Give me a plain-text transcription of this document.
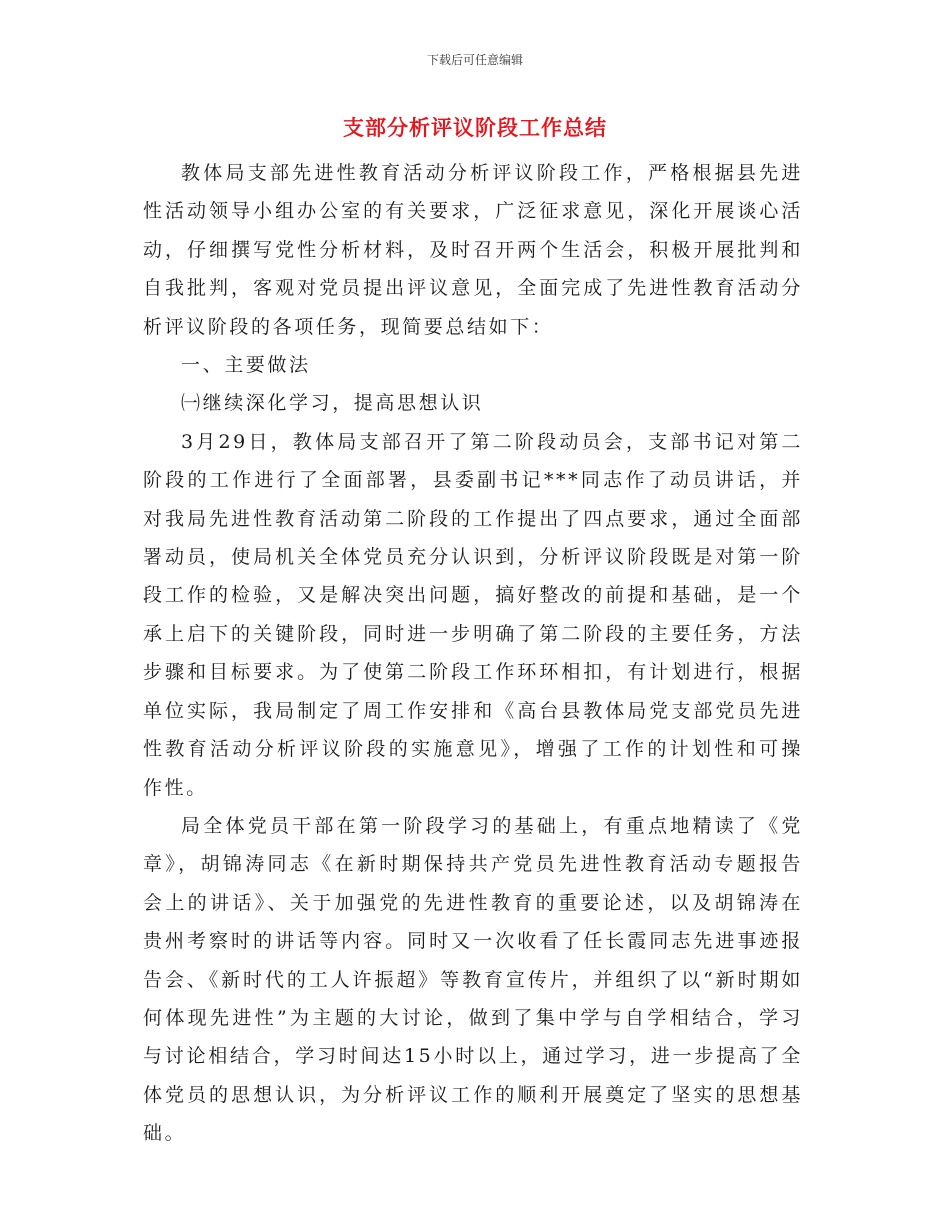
下载后可任意编辑
支部分析评议阶段工作总结

教体局支部先进性教育活动分析评议阶段工作，严格根据县先进性活动领导小组办公室的有关要求，广泛征求意见，深化开展谈心活动，仔细撰写党性分析材料，及时召开两个生活会，积极开展批判和自我批判，客观对党员提出评议意见，全面完成了先进性教育活动分析评议阶段的各项任务，现简要总结如下：

一、主要做法

㈠继续深化学习，提高思想认识

3月29日，教体局支部召开了第二阶段动员会，支部书记对第二阶段的工作进行了全面部署，县委副书记***同志作了动员讲话，并对我局先进性教育活动第二阶段的工作提出了四点要求，通过全面部署动员，使局机关全体党员充分认识到，分析评议阶段既是对第一阶段工作的检验，又是解决突出问题，搞好整改的前提和基础，是一个承上启下的关键阶段，同时进一步明确了第二阶段的主要任务，方法步骤和目标要求。为了使第二阶段工作环环相扣，有计划进行，根据单位实际，我局制定了周工作安排和《高台县教体局党支部党员先进性教育活动分析评议阶段的实施意见》，增强了工作的计划性和可操作性。

局全体党员干部在第一阶段学习的基础上，有重点地精读了《党章》，胡锦涛同志《在新时期保持共产党员先进性教育活动专题报告会上的讲话》、关于加强党的先进性教育的重要论述，以及胡锦涛在贵州考察时的讲话等内容。同时又一次收看了任长霞同志先进事迹报告会、《新时代的工人许振超》等教育宣传片，并组织了以“新时期如何体现先进性”为主题的大讨论，做到了集中学与自学相结合，学习与讨论相结合，学习时间达15小时以上，通过学习，进一步提高了全体党员的思想认识，为分析评议工作的顺利开展奠定了坚实的思想基础。
